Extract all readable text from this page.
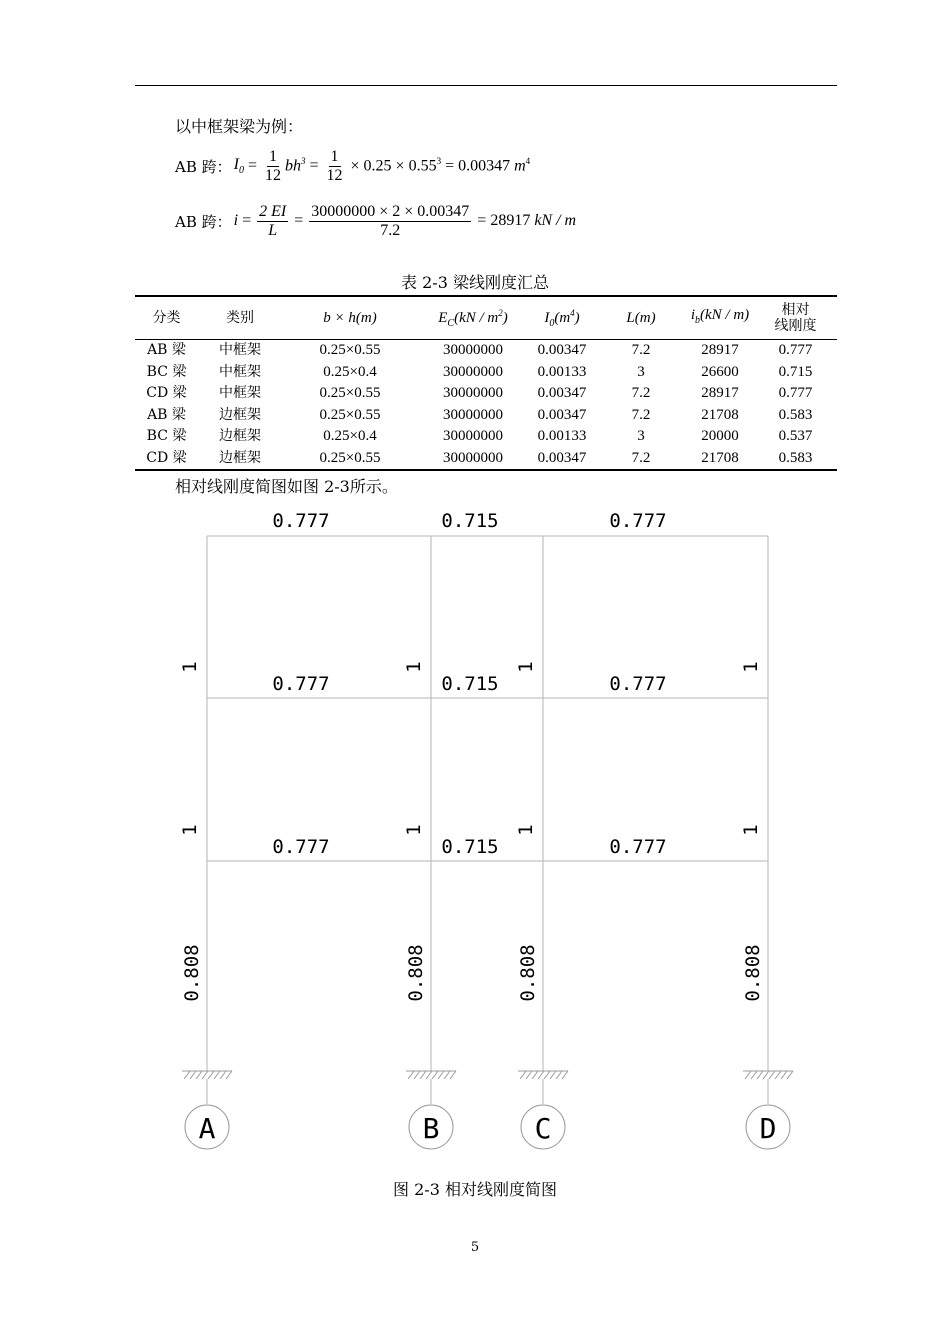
以中框架梁为例：
AB 跨： $I_0 = \frac{1}{12} bh^3 = \frac{1}{12} \times 0.25 \times 0.55^3 = 0.00347$ $m^4$
AB 跨： $i = \frac{2 EI}{L} = \frac{30000000 \times 2 \times 0.00347}{7.2} = 28917$ kN / m
表 2-3 梁线刚度汇总
分类	类别	b × h(m)	$E_C(kN / m^2)$	$I_0(m^4)$	L(m)	$i_b(kN / m)$	相对
线刚度
AB 梁	中框架	0.25×0.55	30000000	0.00347	7.2	28917	0.777
BC 梁	中框架	0.25×0.4	30000000	0.00133	3	26600	0.715
CD 梁	中框架	0.25×0.55	30000000	0.00347	7.2	28917	0.777
AB 梁	边框架	0.25×0.55	30000000	0.00347	7.2	21708	0.583
BC 梁	边框架	0.25×0.4	30000000	0.00133	3	20000	0.537
CD 梁	边框架	0.25×0.55	30000000	0.00347	7.2	21708	0.583
相对线刚度简图如图 2-3所示。
0.777	0.715	0.777
0.777	0.715	0.777
0.777	0.715	0.777
1	1	1	1
1	1	1	1
0.808	0.808	0.808	0.808
A	B	C	D
图 2-3 相对线刚度简图
5
